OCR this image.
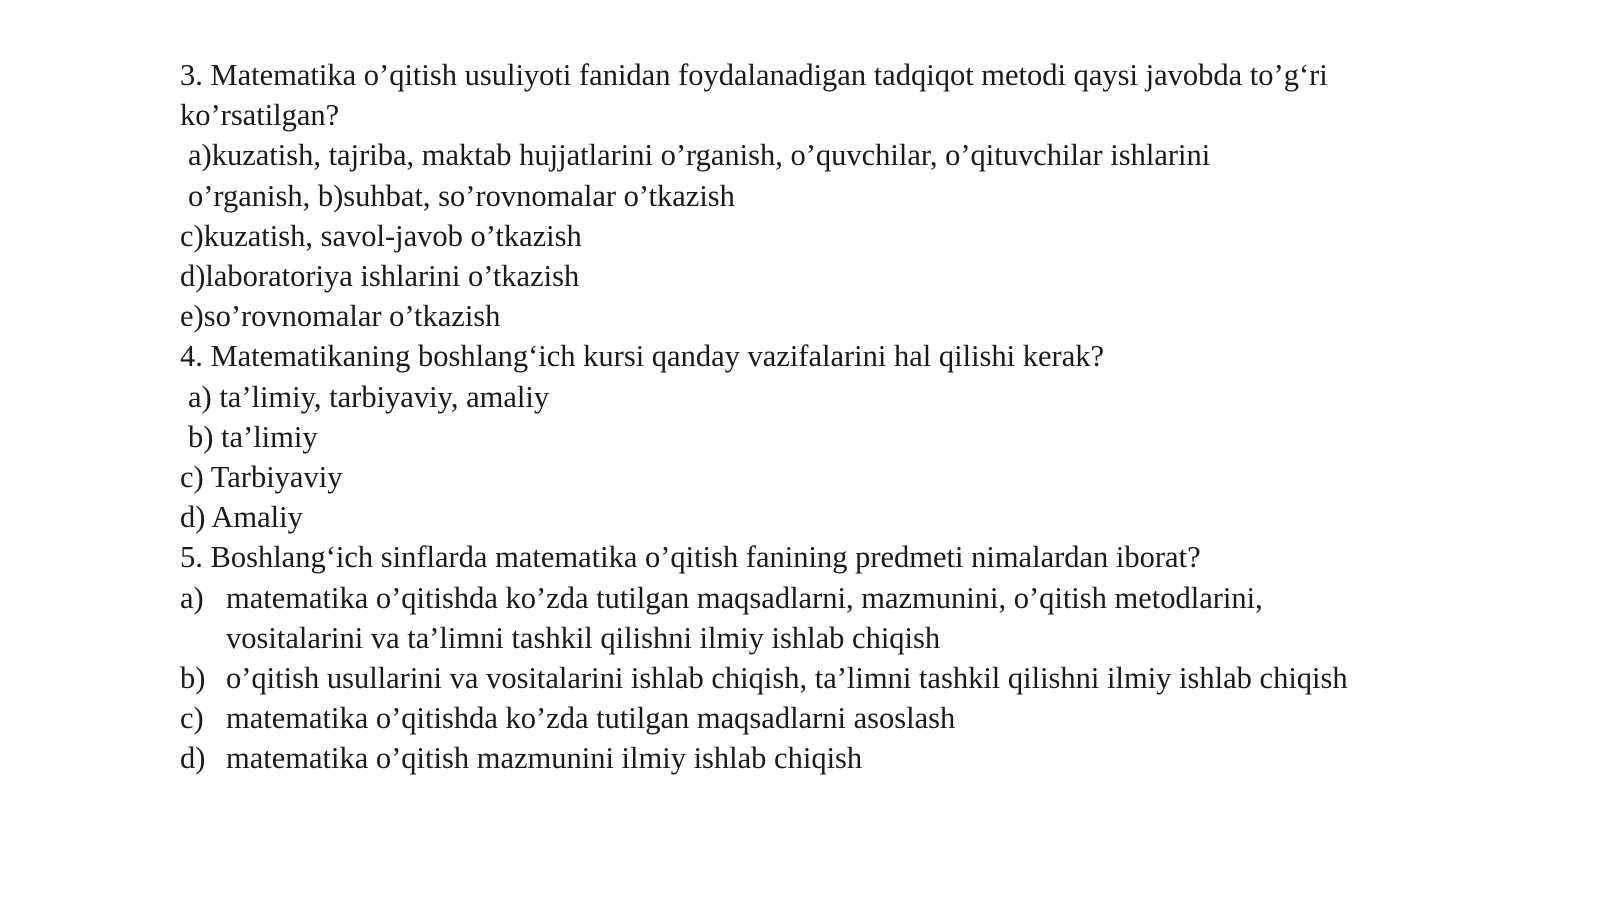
3. Matematika o’qitish usuliyoti fanidan foydalanadigan tadqiqot metodi qaysi javobda to’g‘ri ko’rsatilgan?
a)kuzatish, tajriba, maktab hujjatlarini o’rganish, o’quvchilar, o’qituvchilar ishlarini o’rganish, b)suhbat, so’rovnomalar o’tkazish
c)kuzatish, savol-javob o’tkazish
d)laboratoriya ishlarini o’tkazish
e)so’rovnomalar o’tkazish
4. Matematikaning boshlang‘ich kursi qanday vazifalarini hal qilishi kerak?
a) ta’limiy, tarbiyaviy, amaliy
b) ta’limiy
c) Tarbiyaviy
d) Amaliy
5. Boshlang‘ich sinflarda matematika o’qitish fanining predmeti nimalardan iborat?
a) matematika o’qitishda ko’zda tutilgan maqsadlarni, mazmunini, o’qitish metodlarini, vositalarini va ta’limni tashkil qilishni ilmiy ishlab chiqish
b) o’qitish usullarini va vositalarini ishlab chiqish, ta’limni tashkil qilishni ilmiy ishlab chiqish
c) matematika o’qitishda ko’zda tutilgan maqsadlarni asoslash
d) matematika o’qitish mazmunini ilmiy ishlab chiqish
